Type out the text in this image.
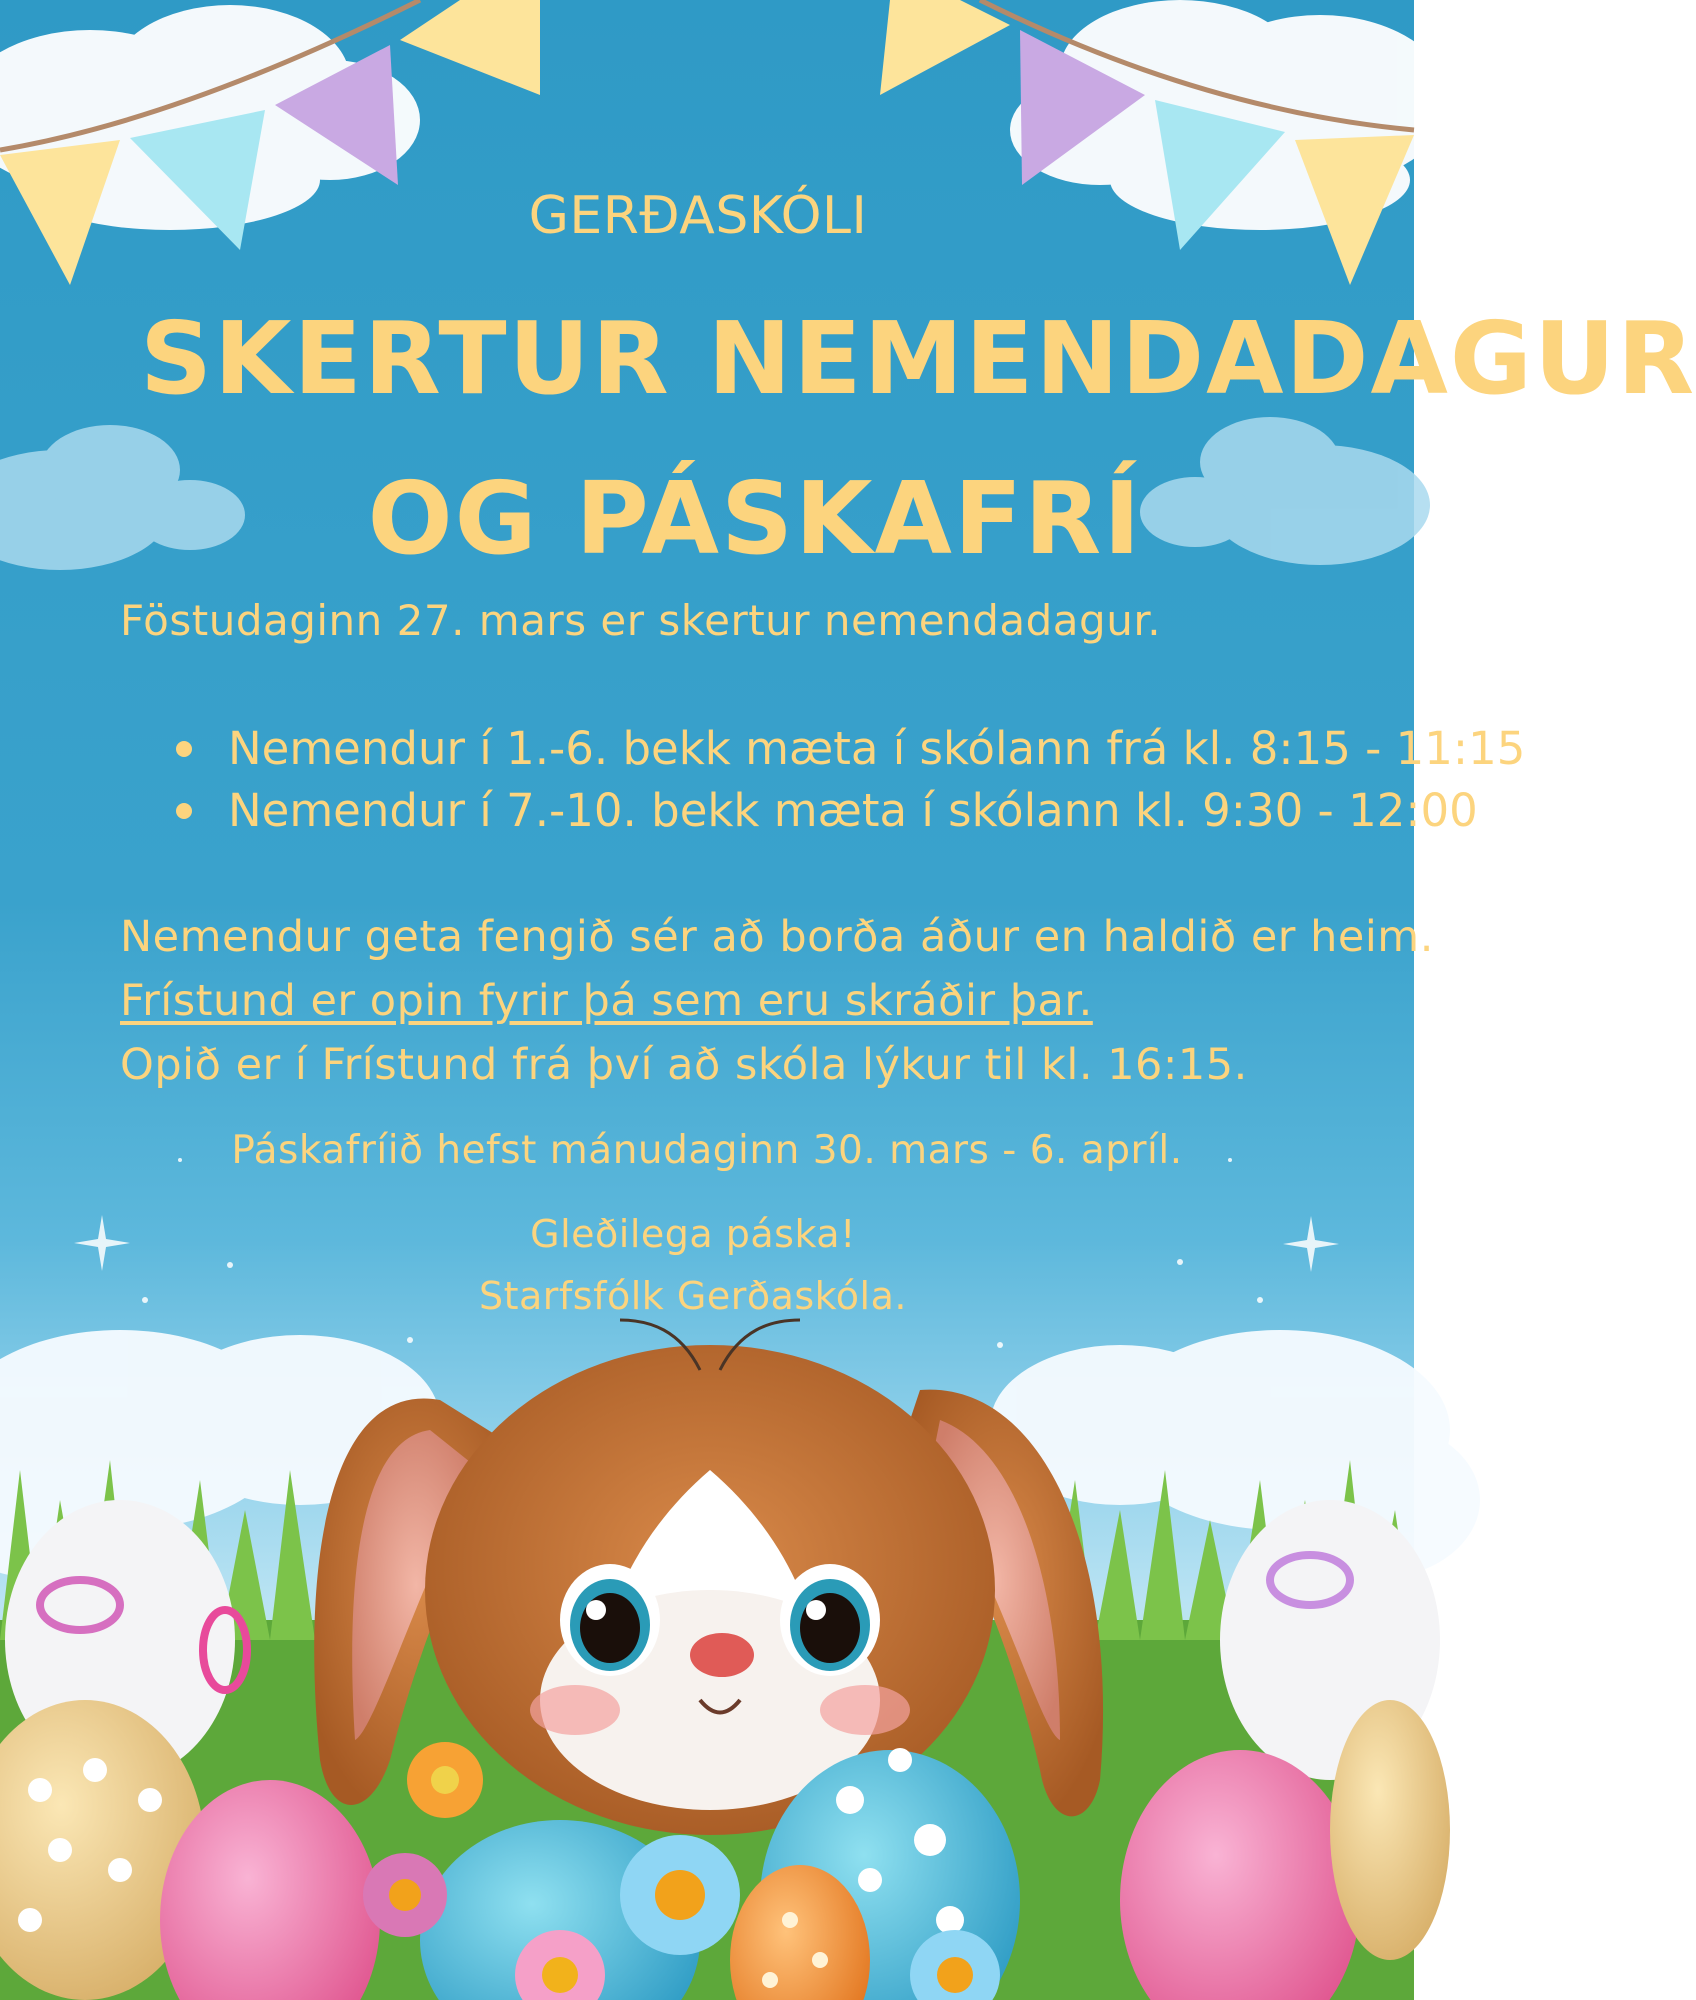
GERÐASKÓLI
SKERTUR NEMENDADAGUR
OG PÁSKAFRÍ

Föstudaginn 27. mars er skertur nemendadagur.

Nemendur í 1.-6. bekk mæta í skólann frá kl. 8:15 - 11:15
Nemendur í 7.-10. bekk mæta í skólann kl. 9:30 - 12:00

Nemendur geta fengið sér að borða áður en haldið er heim.

Frístund er opin fyrir þá sem eru skráðir þar.

Opið er í Frístund frá því að skóla lýkur til kl. 16:15.

Páskafríið hefst mánudaginn 30. mars - 6. apríl.

Gleðilega páska!

Starfsfólk Gerðaskóla.
